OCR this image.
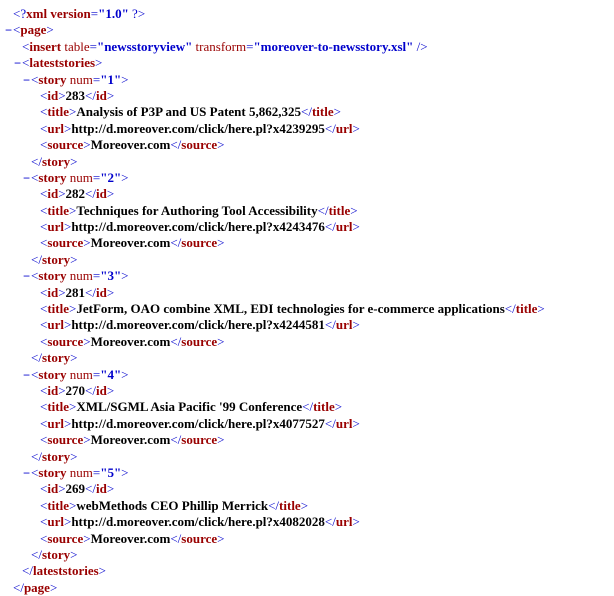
<?xml version="1.0" ?>
−<page>
<insert table="newsstoryview" transform="moreover-to-newsstory.xsl" />
−<lateststories>
−<story num="1">
<id>283</id>
<title>Analysis of P3P and US Patent 5,862,325</title>
<url>http://d.moreover.com/click/here.pl?x4239295</url>
<source>Moreover.com</source>
</story>
−<story num="2">
<id>282</id>
<title>Techniques for Authoring Tool Accessibility</title>
<url>http://d.moreover.com/click/here.pl?x4243476</url>
<source>Moreover.com</source>
</story>
−<story num="3">
<id>281</id>
<title>JetForm, OAO combine XML, EDI technologies for e-commerce applications</title>
<url>http://d.moreover.com/click/here.pl?x4244581</url>
<source>Moreover.com</source>
</story>
−<story num="4">
<id>270</id>
<title>XML/SGML Asia Pacific '99 Conference</title>
<url>http://d.moreover.com/click/here.pl?x4077527</url>
<source>Moreover.com</source>
</story>
−<story num="5">
<id>269</id>
<title>webMethods CEO Phillip Merrick</title>
<url>http://d.moreover.com/click/here.pl?x4082028</url>
<source>Moreover.com</source>
</story>
</lateststories>
</page>
